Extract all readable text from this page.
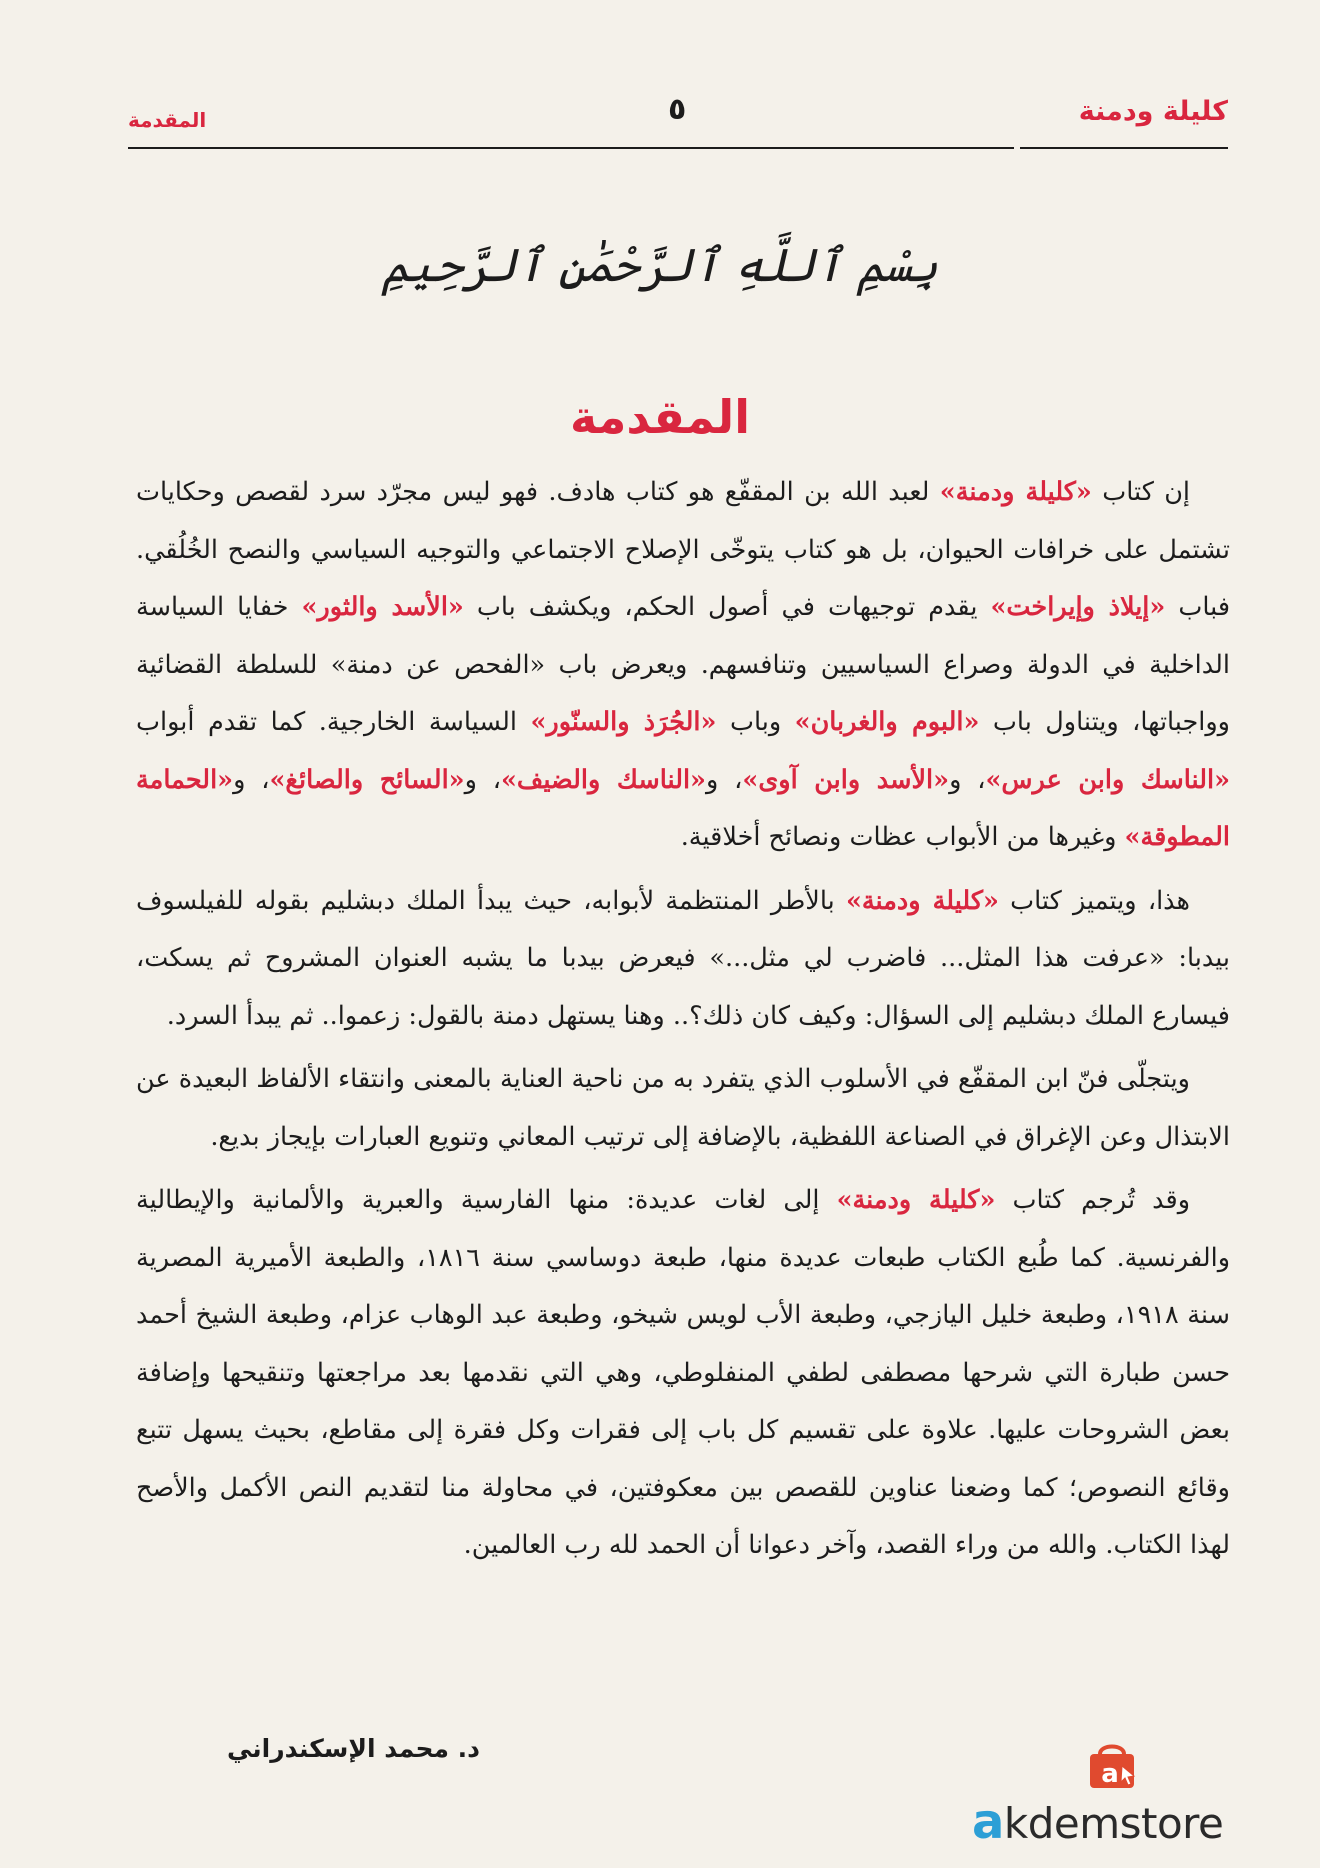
كليلة ودمنة
٥
المقدمة
بِسْمِ ٱللَّهِ ٱلرَّحْمَٰنِ ٱلرَّحِيمِ
المقدمة

إن كتاب «كليلة ودمنة» لعبد الله بن المقفّع هو كتاب هادف. فهو ليس مجرّد سرد لقصص وحكايات تشتمل على خرافات الحيوان، بل هو كتاب يتوخّى الإصلاح الاجتماعي والتوجيه السياسي والنصح الخُلُقي. فباب «إيلاذ وإيراخت» يقدم توجيهات في أصول الحكم، ويكشف باب «الأسد والثور» خفايا السياسة الداخلية في الدولة وصراع السياسيين وتنافسهم. ويعرض باب «الفحص عن دمنة» للسلطة القضائية وواجباتها، ويتناول باب «البوم والغربان» وباب «الجُرَذ والسنّور» السياسة الخارجية. كما تقدم أبواب «الناسك وابن عرس»، و«الأسد وابن آوى»، و«الناسك والضيف»، و«السائح والصائغ»، و«الحمامة المطوقة» وغيرها من الأبواب عظات ونصائح أخلاقية.

هذا، ويتميز كتاب «كليلة ودمنة» بالأطر المنتظمة لأبوابه، حيث يبدأ الملك دبشليم بقوله للفيلسوف بيدبا: «عرفت هذا المثل... فاضرب لي مثل...» فيعرض بيدبا ما يشبه العنوان المشروح ثم يسكت، فيسارع الملك دبشليم إلى السؤال: وكيف كان ذلك؟.. وهنا يستهل دمنة بالقول: زعموا.. ثم يبدأ السرد.

ويتجلّى فنّ ابن المقفّع في الأسلوب الذي يتفرد به من ناحية العناية بالمعنى وانتقاء الألفاظ البعيدة عن الابتذال وعن الإغراق في الصناعة اللفظية، بالإضافة إلى ترتيب المعاني وتنويع العبارات بإيجاز بديع.

وقد تُرجم كتاب «كليلة ودمنة» إلى لغات عديدة: منها الفارسية والعبرية والألمانية والإيطالية والفرنسية. كما طُبع الكتاب طبعات عديدة منها، طبعة دوساسي سنة ١٨١٦، والطبعة الأميرية المصرية سنة ١٩١٨، وطبعة خليل اليازجي، وطبعة الأب لويس شيخو، وطبعة عبد الوهاب عزام، وطبعة الشيخ أحمد حسن طبارة التي شرحها مصطفى لطفي المنفلوطي، وهي التي نقدمها بعد مراجعتها وتنقيحها وإضافة بعض الشروحات عليها. علاوة على تقسيم كل باب إلى فقرات وكل فقرة إلى مقاطع، بحيث يسهل تتبع وقائع النصوص؛ كما وضعنا عناوين للقصص بين معكوفتين، في محاولة منا لتقديم النص الأكمل والأصح لهذا الكتاب. والله من وراء القصد، وآخر دعوانا أن الحمد لله رب العالمين.

د. محمد الإسكندراني
a
akdemstore
